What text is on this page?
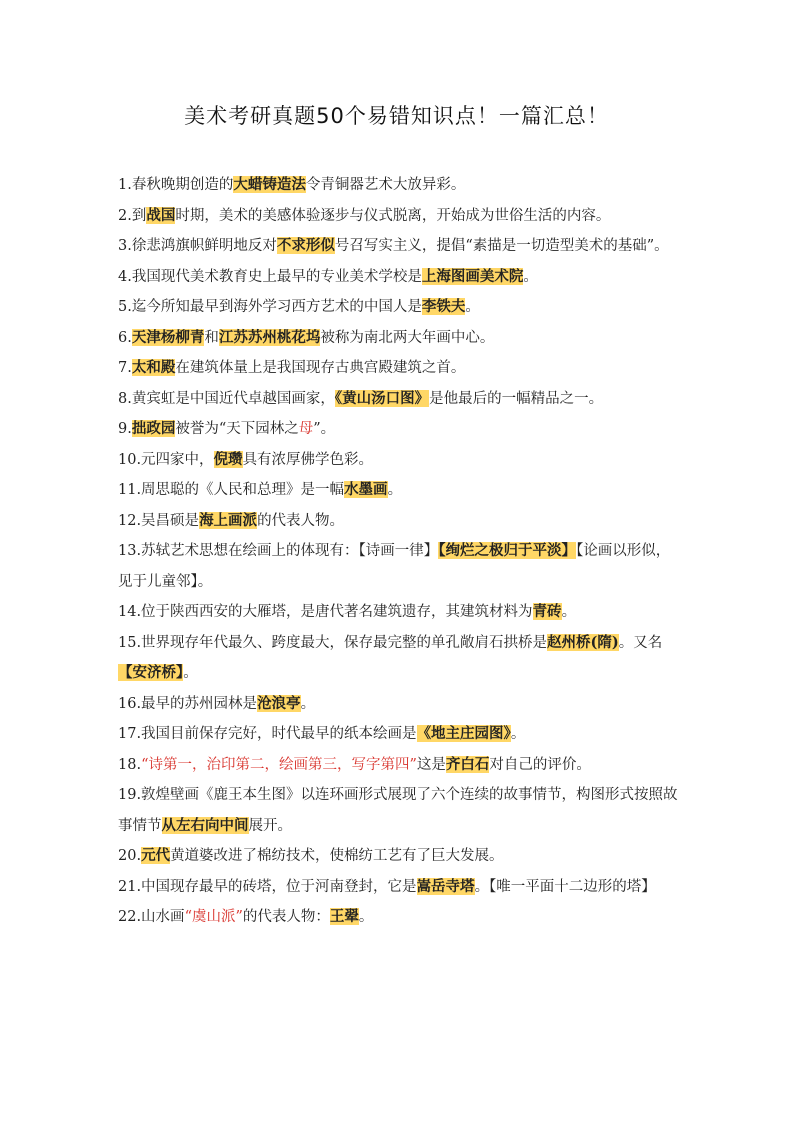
美术考研真题50个易错知识点！一篇汇总！

1.春秋晚期创造的大蜡铸造法令青铜器艺术大放异彩。

2.到战国时期，美术的美感体验逐步与仪式脱离，开始成为世俗生活的内容。

3.徐悲鸿旗帜鲜明地反对不求形似号召写实主义，提倡“素描是一切造型美术的基础”。

4.我国现代美术教育史上最早的专业美术学校是上海图画美术院。

5.迄今所知最早到海外学习西方艺术的中国人是李铁夫。

6.天津杨柳青和江苏苏州桃花坞被称为南北两大年画中心。

7.太和殿在建筑体量上是我国现存古典宫殿建筑之首。

8.黄宾虹是中国近代卓越国画家，《黄山汤口图》是他最后的一幅精品之一。

9.拙政园被誉为“天下园林之母”。

10.元四家中，倪瓒具有浓厚佛学色彩。

11.周思聪的《人民和总理》是一幅水墨画。

12.吴昌硕是海上画派的代表人物。

13.苏轼艺术思想在绘画上的体现有：【诗画一律】【绚烂之极归于平淡】【论画以形似，见于儿童邻】。

14.位于陕西西安的大雁塔，是唐代著名建筑遗存，其建筑材料为青砖。

15.世界现存年代最久、跨度最大，保存最完整的单孔敞肩石拱桥是赵州桥(隋)。又名【安济桥】。

16.最早的苏州园林是沧浪亭。

17.我国目前保存完好，时代最早的纸本绘画是《地主庄园图》。

18.“诗第一，治印第二，绘画第三，写字第四”这是齐白石对自己的评价。

19.敦煌壁画《鹿王本生图》以连环画形式展现了六个连续的故事情节，构图形式按照故事情节从左右向中间展开。

20.元代黄道婆改进了棉纺技术，使棉纺工艺有了巨大发展。

21.中国现存最早的砖塔，位于河南登封，它是嵩岳寺塔。【唯一平面十二边形的塔】

22.山水画“虞山派”的代表人物：王翚。
